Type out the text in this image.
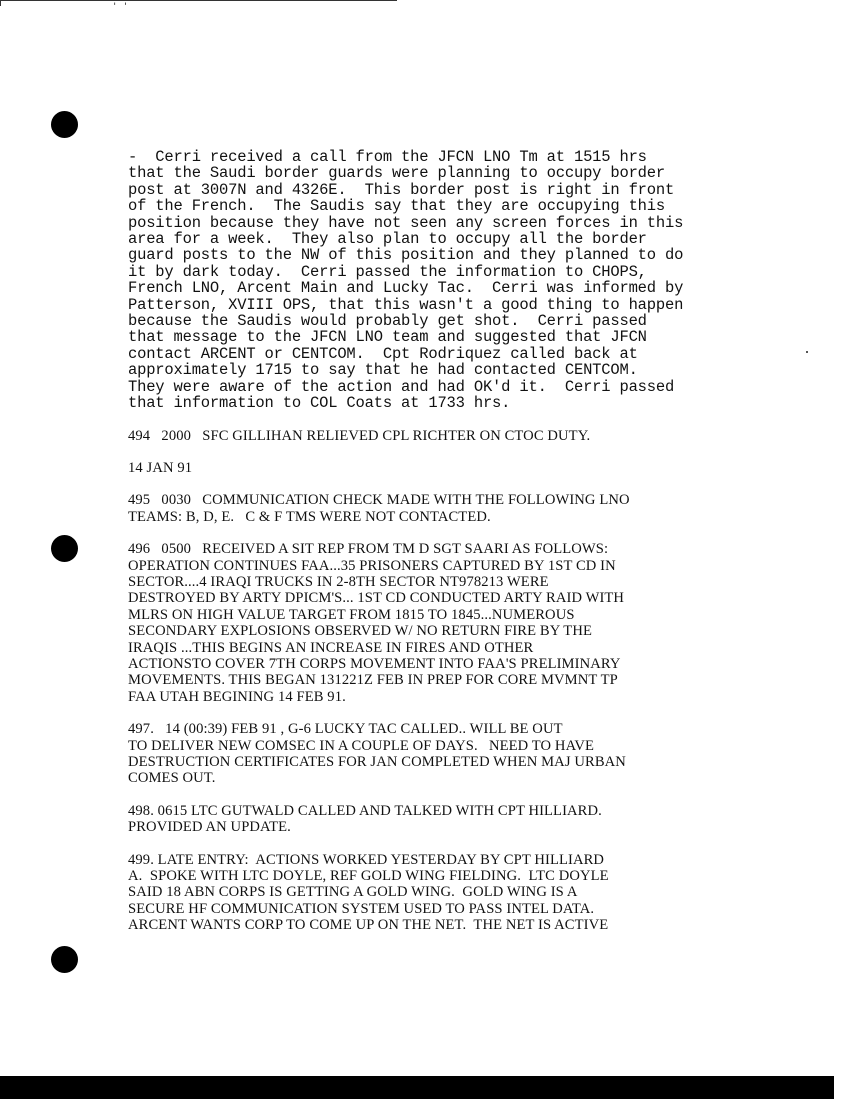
' '

-  Cerri received a call from the JFCN LNO Tm at 1515 hrs
that the Saudi border guards were planning to occupy border
post at 3007N and 4326E.  This border post is right in front
of the French.  The Saudis say that they are occupying this
position because they have not seen any screen forces in this
area for a week.  They also plan to occupy all the border
guard posts to the NW of this position and they planned to do
it by dark today.  Cerri passed the information to CHOPS,
French LNO, Arcent Main and Lucky Tac.  Cerri was informed by
Patterson, XVIII OPS, that this wasn't a good thing to happen
because the Saudis would probably get shot.  Cerri passed
that message to the JFCN LNO team and suggested that JFCN
contact ARCENT or CENTCOM.  Cpt Rodriquez called back at
approximately 1715 to say that he had contacted CENTCOM.
They were aware of the action and had OK'd it.  Cerri passed
that information to COL Coats at 1733 hrs.

494   2000   SFC GILLIHAN RELIEVED CPL RICHTER ON CTOC DUTY.

14 JAN 91

495   0030   COMMUNICATION CHECK MADE WITH THE FOLLOWING LNO
TEAMS: B, D, E.   C & F TMS WERE NOT CONTACTED.

496   0500   RECEIVED A SIT REP FROM TM D SGT SAARI AS FOLLOWS:
OPERATION CONTINUES FAA...35 PRISONERS CAPTURED BY 1ST CD IN
SECTOR....4 IRAQI TRUCKS IN 2-8TH SECTOR NT978213 WERE
DESTROYED BY ARTY DPICM'S... 1ST CD CONDUCTED ARTY RAID WITH
MLRS ON HIGH VALUE TARGET FROM 1815 TO 1845...NUMEROUS
SECONDARY EXPLOSIONS OBSERVED W/ NO RETURN FIRE BY THE
IRAQIS ...THIS BEGINS AN INCREASE IN FIRES AND OTHER
ACTIONSTO COVER 7TH CORPS MOVEMENT INTO FAA'S PRELIMINARY
MOVEMENTS. THIS BEGAN 131221Z FEB IN PREP FOR CORE MVMNT TP
FAA UTAH BEGINING 14 FEB 91.

497.   14 (00:39) FEB 91 , G-6 LUCKY TAC CALLED.. WILL BE OUT
TO DELIVER NEW COMSEC IN A COUPLE OF DAYS.   NEED TO HAVE
DESTRUCTION CERTIFICATES FOR JAN COMPLETED WHEN MAJ URBAN
COMES OUT.

498. 0615 LTC GUTWALD CALLED AND TALKED WITH CPT HILLIARD.
PROVIDED AN UPDATE.

499. LATE ENTRY:  ACTIONS WORKED YESTERDAY BY CPT HILLIARD
A.  SPOKE WITH LTC DOYLE, REF GOLD WING FIELDING.  LTC DOYLE
SAID 18 ABN CORPS IS GETTING A GOLD WING.  GOLD WING IS A
SECURE HF COMMUNICATION SYSTEM USED TO PASS INTEL DATA.
ARCENT WANTS CORP TO COME UP ON THE NET.  THE NET IS ACTIVE
